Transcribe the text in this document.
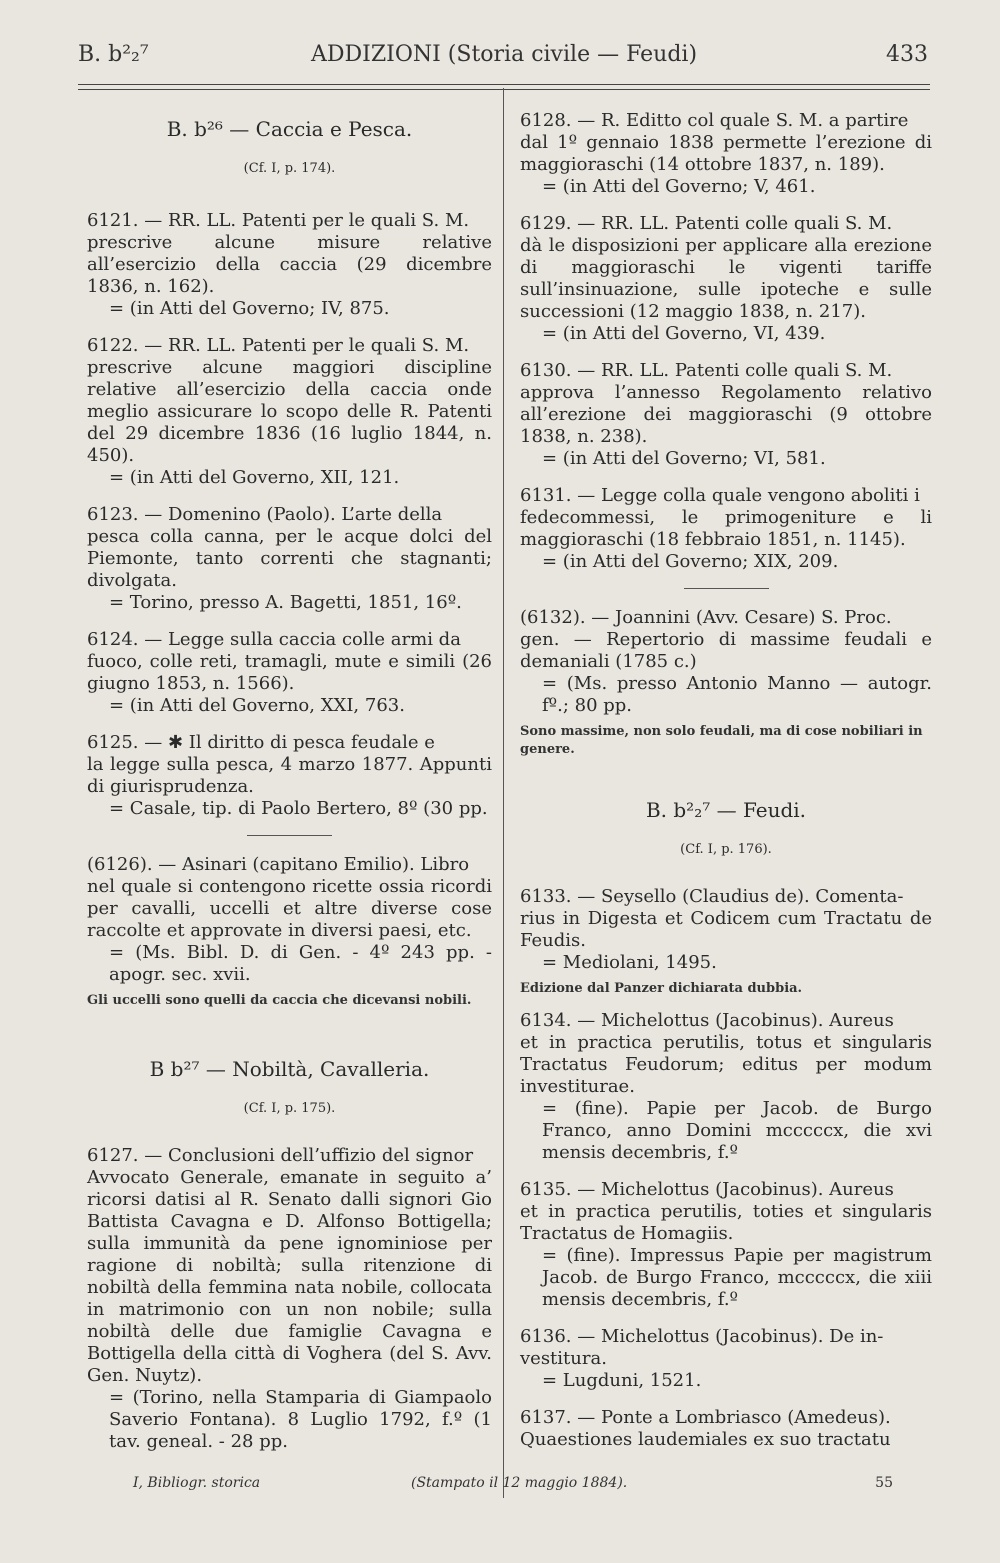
B. b²₂⁷	ADDIZIONI (Storia civile — Feudi)	433
B. b²⁶ — Caccia e Pesca.
(Cf. I, p. 174).

6121. — RR. LL. Patenti per le quali S. M.

prescrive alcune misure relative all’esercizio della caccia (29 dicembre 1836, n. 162).

= (in Atti del Governo; IV, 875.

6122. — RR. LL. Patenti per le quali S. M.

prescrive alcune maggiori discipline relative all’esercizio della caccia onde meglio assicurare lo scopo delle R. Patenti del 29 dicembre 1836 (16 luglio 1844, n. 450).

= (in Atti del Governo, XII, 121.

6123. — Domenino (Paolo). L’arte della

pesca colla canna, per le acque dolci del Piemonte, tanto correnti che stagnanti; divolgata.

= Torino, presso A. Bagetti, 1851, 16º.

6124. — Legge sulla caccia colle armi da

fuoco, colle reti, tramagli, mute e simili (26 giugno 1853, n. 1566).

= (in Atti del Governo, XXI, 763.

6125. — ✱ Il diritto di pesca feudale e

la legge sulla pesca, 4 marzo 1877. Appunti di giurisprudenza.

= Casale, tip. di Paolo Bertero, 8º (30 pp.

(6126). — Asinari (capitano Emilio). Libro

nel quale si contengono ricette ossia ricordi per cavalli, uccelli et altre diverse cose raccolte et approvate in diversi paesi, etc.

= (Ms. Bibl. D. di Gen. - 4º 243 pp. - apogr. sec. xvii.

Gli uccelli sono quelli da caccia che dicevansi nobili.
B b²⁷ — Nobiltà, Cavalleria.
(Cf. I, p. 175).

6127. — Conclusioni dell’uffizio del signor

Avvocato Generale, emanate in seguito a’ ricorsi datisi al R. Senato dalli signori Gio Battista Cavagna e D. Alfonso Bottigella; sulla immunità da pene ignominiose per ragione di nobiltà; sulla ritenzione di nobiltà della femmina nata nobile, collocata in matrimonio con un non nobile; sulla nobiltà delle due famiglie Cavagna e Bottigella della città di Voghera (del S. Avv. Gen. Nuytz).

= (Torino, nella Stamparia di Giampaolo Saverio Fontana). 8 Luglio 1792, f.º (1 tav. geneal. - 28 pp.

6128. — R. Editto col quale S. M. a partire

dal 1º gennaio 1838 permette l’erezione di maggioraschi (14 ottobre 1837, n. 189).

= (in Atti del Governo; V, 461.

6129. — RR. LL. Patenti colle quali S. M.

dà le disposizioni per applicare alla erezione di maggioraschi le vigenti tariffe sull’insinuazione, sulle ipoteche e sulle successioni (12 maggio 1838, n. 217).

= (in Atti del Governo, VI, 439.

6130. — RR. LL. Patenti colle quali S. M.

approva l’annesso Regolamento relativo all’erezione dei maggioraschi (9 ottobre 1838, n. 238).

= (in Atti del Governo; VI, 581.

6131. — Legge colla quale vengono aboliti i

fedecommessi, le primogeniture e li maggioraschi (18 febbraio 1851, n. 1145).

= (in Atti del Governo; XIX, 209.

(6132). — Joannini (Avv. Cesare) S. Proc.

gen. — Repertorio di massime feudali e demaniali (1785 c.)

= (Ms. presso Antonio Manno — autogr. fº.; 80 pp.

Sono massime, non solo feudali, ma di cose nobiliari in genere.
B. b²₂⁷ — Feudi.
(Cf. I, p. 176).

6133. — Seysello (Claudius de). Comenta-

rius in Digesta et Codicem cum Tractatu de Feudis.

= Mediolani, 1495.

Edizione dal Panzer dichiarata dubbia.

6134. — Michelottus (Jacobinus). Aureus

et in practica perutilis, totus et singularis Tractatus Feudorum; editus per modum investiturae.

= (fine). Papie per Jacob. de Burgo Franco, anno Domini mcccccx, die xvi mensis decembris, f.º

6135. — Michelottus (Jacobinus). Aureus

et in practica perutilis, toties et singularis Tractatus de Homagiis.

= (fine). Impressus Papie per magistrum Jacob. de Burgo Franco, mcccccx, die xiii mensis decembris, f.º

6136. — Michelottus (Jacobinus). De in-

vestitura.

= Lugduni, 1521.

6137. — Ponte a Lombriasco (Amedeus).

Quaestiones laudemiales ex suo tractatu

I, Bibliogr. storica	(Stampato il 12 maggio 1884).	55
